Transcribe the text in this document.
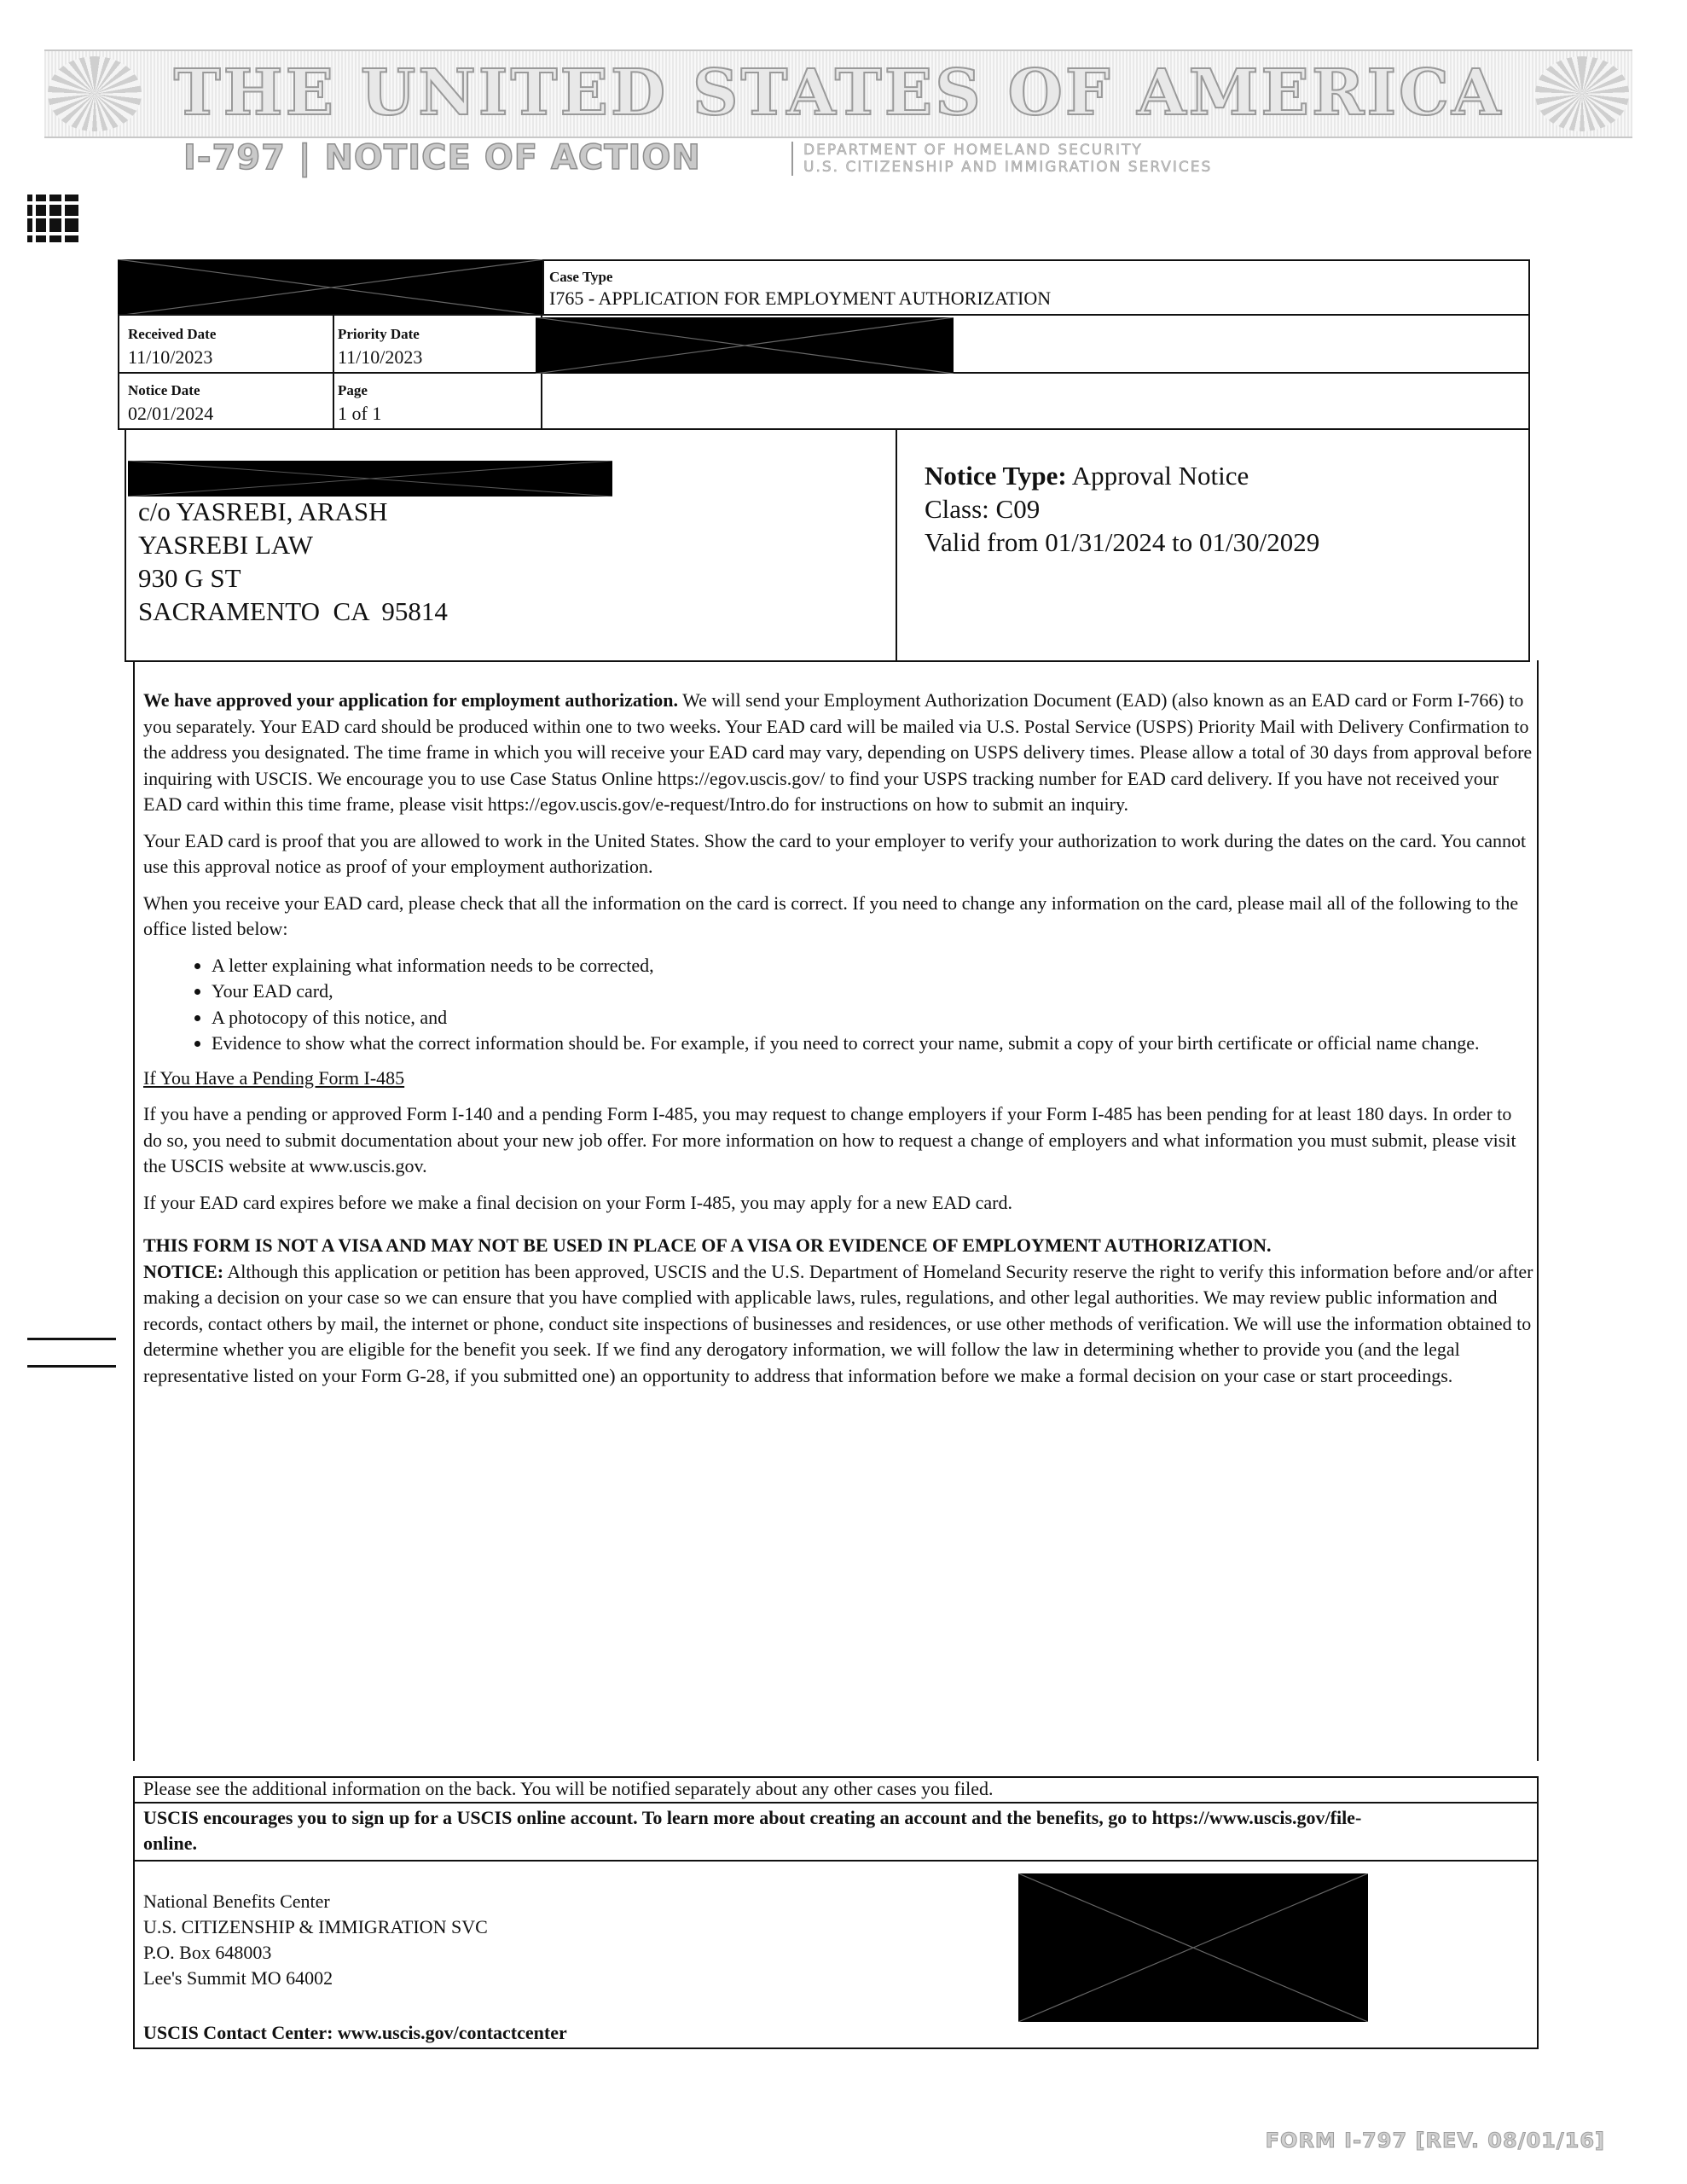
THE UNITED STATES OF AMERICA
I-797 | NOTICE OF ACTION	DEPARTMENT OF HOMELAND SECURITY
U.S. CITIZENSHIP AND IMMIGRATION SERVICES
Case Type
I765 - APPLICATION FOR EMPLOYMENT AUTHORIZATION
Received Date
11/10/2023
Priority Date
11/10/2023
Notice Date
02/01/2024
Page
1 of 1
c/o YASREBI, ARASH
YASREBI LAW
930 G ST
SACRAMENTO  CA  95814
Notice Type: Approval Notice
Class: C09
Valid from 01/31/2024 to 01/30/2029

We have approved your application for employment authorization. We will send your Employment Authorization Document (EAD) (also known as an EAD card or Form I-766) to you separately. Your EAD card should be produced within one to two weeks. Your EAD card will be mailed via U.S. Postal Service (USPS) Priority Mail with Delivery Confirmation to the address you designated. The time frame in which you will receive your EAD card may vary, depending on USPS delivery times. Please allow a total of 30 days from approval before inquiring with USCIS. We encourage you to use Case Status Online https://egov.uscis.gov/ to find your USPS tracking number for EAD card delivery. If you have not received your EAD card within this time frame, please visit https://egov.uscis.gov/e-request/Intro.do for instructions on how to submit an inquiry.

Your EAD card is proof that you are allowed to work in the United States. Show the card to your employer to verify your authorization to work during the dates on the card. You cannot use this approval notice as proof of your employment authorization.

When you receive your EAD card, please check that all the information on the card is correct. If you need to change any information on the card, please mail all of the following to the office listed below:

• A letter explaining what information needs to be corrected,
• Your EAD card,
• A photocopy of this notice, and
• Evidence to show what the correct information should be. For example, if you need to correct your name, submit a copy of your birth certificate or official name change.

If You Have a Pending Form I-485

If you have a pending or approved Form I-140 and a pending Form I-485, you may request to change employers if your Form I-485 has been pending for at least 180 days. In order to do so, you need to submit documentation about your new job offer. For more information on how to request a change of employers and what information you must submit, please visit the USCIS website at www.uscis.gov.

If your EAD card expires before we make a final decision on your Form I-485, you may apply for a new EAD card.

THIS FORM IS NOT A VISA AND MAY NOT BE USED IN PLACE OF A VISA OR EVIDENCE OF EMPLOYMENT AUTHORIZATION.

NOTICE: Although this application or petition has been approved, USCIS and the U.S. Department of Homeland Security reserve the right to verify this information before and/or after making a decision on your case so we can ensure that you have complied with applicable laws, rules, regulations, and other legal authorities. We may review public information and records, contact others by mail, the internet or phone, conduct site inspections of businesses and residences, or use other methods of verification. We will use the information obtained to determine whether you are eligible for the benefit you seek. If we find any derogatory information, we will follow the law in determining whether to provide you (and the legal representative listed on your Form G-28, if you submitted one) an opportunity to address that information before we make a formal decision on your case or start proceedings.

Please see the additional information on the back. You will be notified separately about any other cases you filed.
USCIS encourages you to sign up for a USCIS online account. To learn more about creating an account and the benefits, go to https://www.uscis.gov/file-online.
National Benefits Center
U.S. CITIZENSHIP & IMMIGRATION SVC
P.O. Box 648003
Lee's Summit MO 64002
USCIS Contact Center: www.uscis.gov/contactcenter
FORM I-797 [REV. 08/01/16]
